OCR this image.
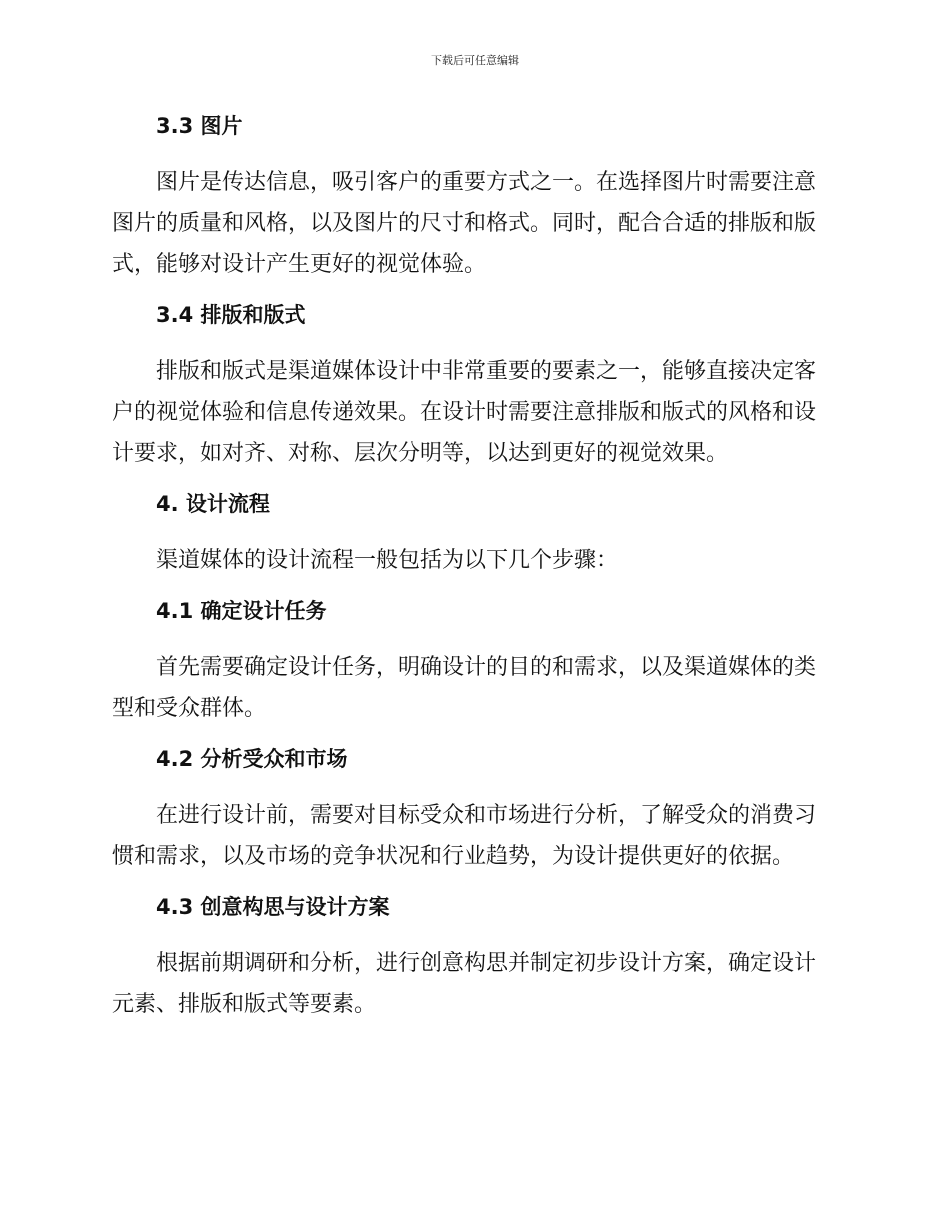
下载后可任意编辑
3.3 图片

图片是传达信息，吸引客户的重要方式之一。在选择图片时需要注意图片的质量和风格，以及图片的尺寸和格式。同时，配合合适的排版和版式，能够对设计产生更好的视觉体验。

3.4 排版和版式

排版和版式是渠道媒体设计中非常重要的要素之一，能够直接决定客户的视觉体验和信息传递效果。在设计时需要注意排版和版式的风格和设计要求，如对齐、对称、层次分明等，以达到更好的视觉效果。

4. 设计流程

渠道媒体的设计流程一般包括为以下几个步骤：

4.1 确定设计任务

首先需要确定设计任务，明确设计的目的和需求，以及渠道媒体的类型和受众群体。

4.2 分析受众和市场

在进行设计前，需要对目标受众和市场进行分析，了解受众的消费习惯和需求，以及市场的竞争状况和行业趋势，为设计提供更好的依据。

4.3 创意构思与设计方案

根据前期调研和分析，进行创意构思并制定初步设计方案，确定设计元素、排版和版式等要素。
